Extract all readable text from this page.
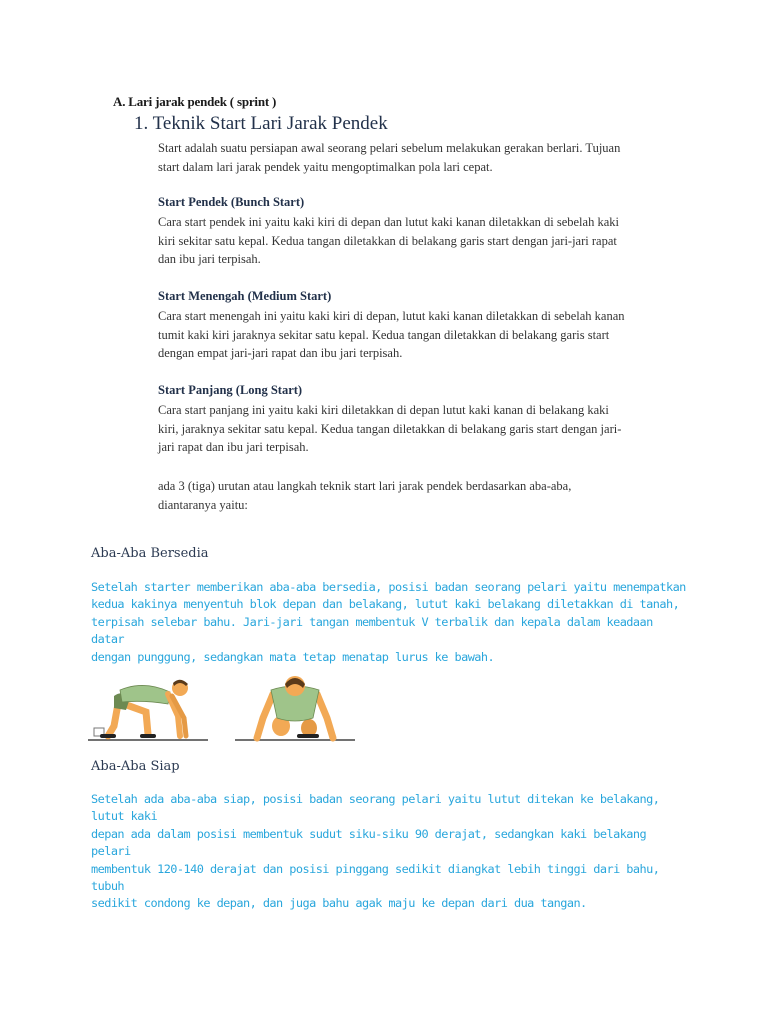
A. Lari jarak pendek ( sprint )
1. Teknik Start Lari Jarak Pendek
Start adalah suatu persiapan awal seorang pelari sebelum melakukan gerakan berlari. Tujuan
start dalam lari jarak pendek yaitu mengoptimalkan pola lari cepat.
Start Pendek (Bunch Start)
Cara start pendek ini yaitu kaki kiri di depan dan lutut kaki kanan diletakkan di sebelah kaki
kiri sekitar satu kepal. Kedua tangan diletakkan di belakang garis start dengan jari-jari rapat
dan ibu jari terpisah.
Start Menengah (Medium Start)
Cara start menengah ini yaitu kaki kiri di depan, lutut kaki kanan diletakkan di sebelah kanan
tumit kaki kiri jaraknya sekitar satu kepal. Kedua tangan diletakkan di belakang garis start
dengan empat jari-jari rapat dan ibu jari terpisah.
Start Panjang (Long Start)
Cara start panjang ini yaitu kaki kiri diletakkan di depan lutut kaki kanan di belakang kaki
kiri, jaraknya sekitar satu kepal. Kedua tangan diletakkan di belakang garis start dengan jari-
jari rapat dan ibu jari terpisah.
ada 3 (tiga) urutan atau langkah teknik start lari jarak pendek berdasarkan aba-aba,
diantaranya yaitu:
Aba-Aba Bersedia
Setelah starter memberikan aba-aba bersedia, posisi badan seorang pelari yaitu menempatkan
kedua kakinya menyentuh blok depan dan belakang, lutut kaki belakang diletakkan di tanah,
terpisah selebar bahu. Jari-jari tangan membentuk V terbalik dan kepala dalam keadaan datar
dengan punggung, sedangkan mata tetap menatap lurus ke bawah.
Aba-Aba Siap
Setelah ada aba-aba siap, posisi badan seorang pelari yaitu lutut ditekan ke belakang, lutut kaki
depan ada dalam posisi membentuk sudut siku-siku 90 derajat, sedangkan kaki belakang pelari
membentuk 120-140 derajat dan posisi pinggang sedikit diangkat lebih tinggi dari bahu, tubuh
sedikit condong ke depan, dan juga bahu agak maju ke depan dari dua tangan.
